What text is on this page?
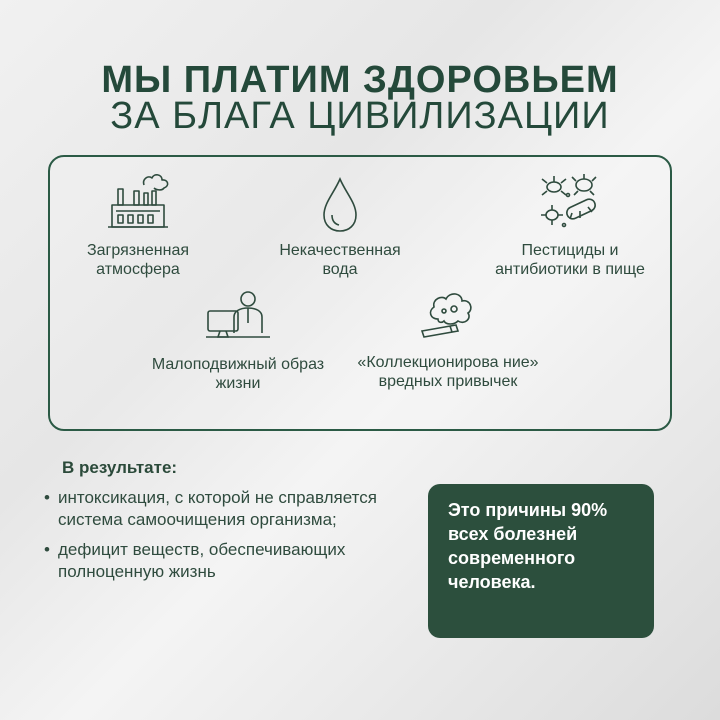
МЫ ПЛАТИМ ЗДОРОВЬЕМ
ЗА БЛАГА ЦИВИЛИЗАЦИИ
Загрязненная атмосфера
Некачественная вода
Пестициды и антибиотики в пище
Малоподвижный образ жизни
«Коллекционирова ние» вредных привычек
В результате:
• интоксикация, с которой не справляется система самоочищения организма;
• дефицит веществ, обеспечивающих полноценную жизнь
Это причины 90% всех болезней современного человека.
